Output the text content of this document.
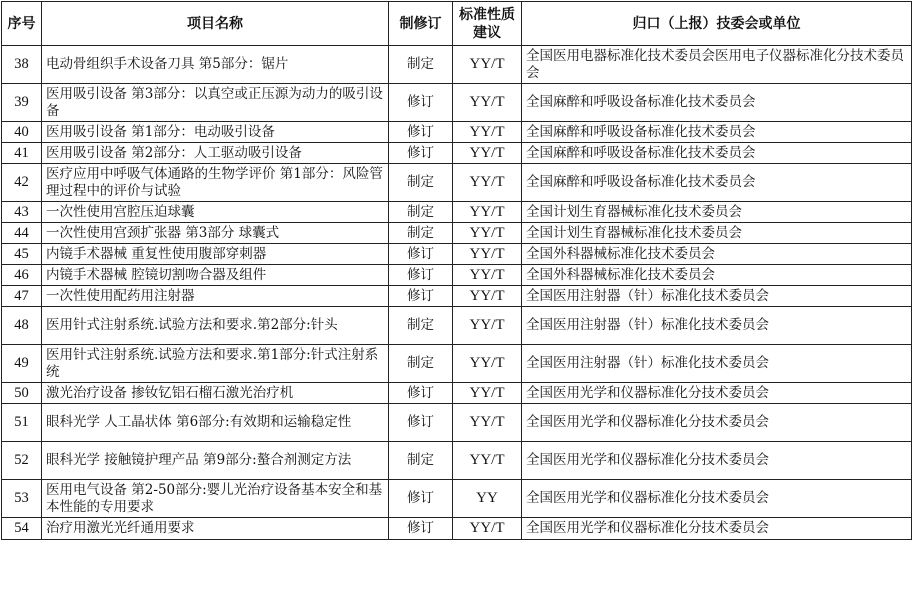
序号	项目名称	制修订	标准性质建议	归口（上报）技委会或单位
38	电动骨组织手术设备刀具 第5部分：锯片	制定	YY/T	全国医用电器标准化技术委员会医用电子仪器标准化分技术委员会
39	医用吸引设备 第3部分：以真空或正压源为动力的吸引设备	修订	YY/T	全国麻醉和呼吸设备标准化技术委员会
40	医用吸引设备 第1部分：电动吸引设备	修订	YY/T	全国麻醉和呼吸设备标准化技术委员会
41	医用吸引设备 第2部分：人工驱动吸引设备	修订	YY/T	全国麻醉和呼吸设备标准化技术委员会
42	医疗应用中呼吸气体通路的生物学评价 第1部分：风险管理过程中的评价与试验	制定	YY/T	全国麻醉和呼吸设备标准化技术委员会
43	一次性使用宫腔压迫球囊	制定	YY/T	全国计划生育器械标准化技术委员会
44	一次性使用宫颈扩张器 第3部分 球囊式	制定	YY/T	全国计划生育器械标准化技术委员会
45	内镜手术器械 重复性使用腹部穿刺器	修订	YY/T	全国外科器械标准化技术委员会
46	内镜手术器械 腔镜切割吻合器及组件	修订	YY/T	全国外科器械标准化技术委员会
47	一次性使用配药用注射器	修订	YY/T	全国医用注射器（针）标准化技术委员会
48	医用针式注射系统.试验方法和要求.第2部分:针头	制定	YY/T	全国医用注射器（针）标准化技术委员会
49	医用针式注射系统.试验方法和要求.第1部分:针式注射系统	制定	YY/T	全国医用注射器（针）标准化技术委员会
50	激光治疗设备 掺钕钇铝石榴石激光治疗机	修订	YY/T	全国医用光学和仪器标准化分技术委员会
51	眼科光学 人工晶状体 第6部分:有效期和运输稳定性	修订	YY/T	全国医用光学和仪器标准化分技术委员会
52	眼科光学 接触镜护理产品 第9部分:螯合剂测定方法	制定	YY/T	全国医用光学和仪器标准化分技术委员会
53	医用电气设备 第2-50部分:婴儿光治疗设备基本安全和基本性能的专用要求	修订	YY	全国医用光学和仪器标准化分技术委员会
54	治疗用激光光纤通用要求	修订	YY/T	全国医用光学和仪器标准化分技术委员会
